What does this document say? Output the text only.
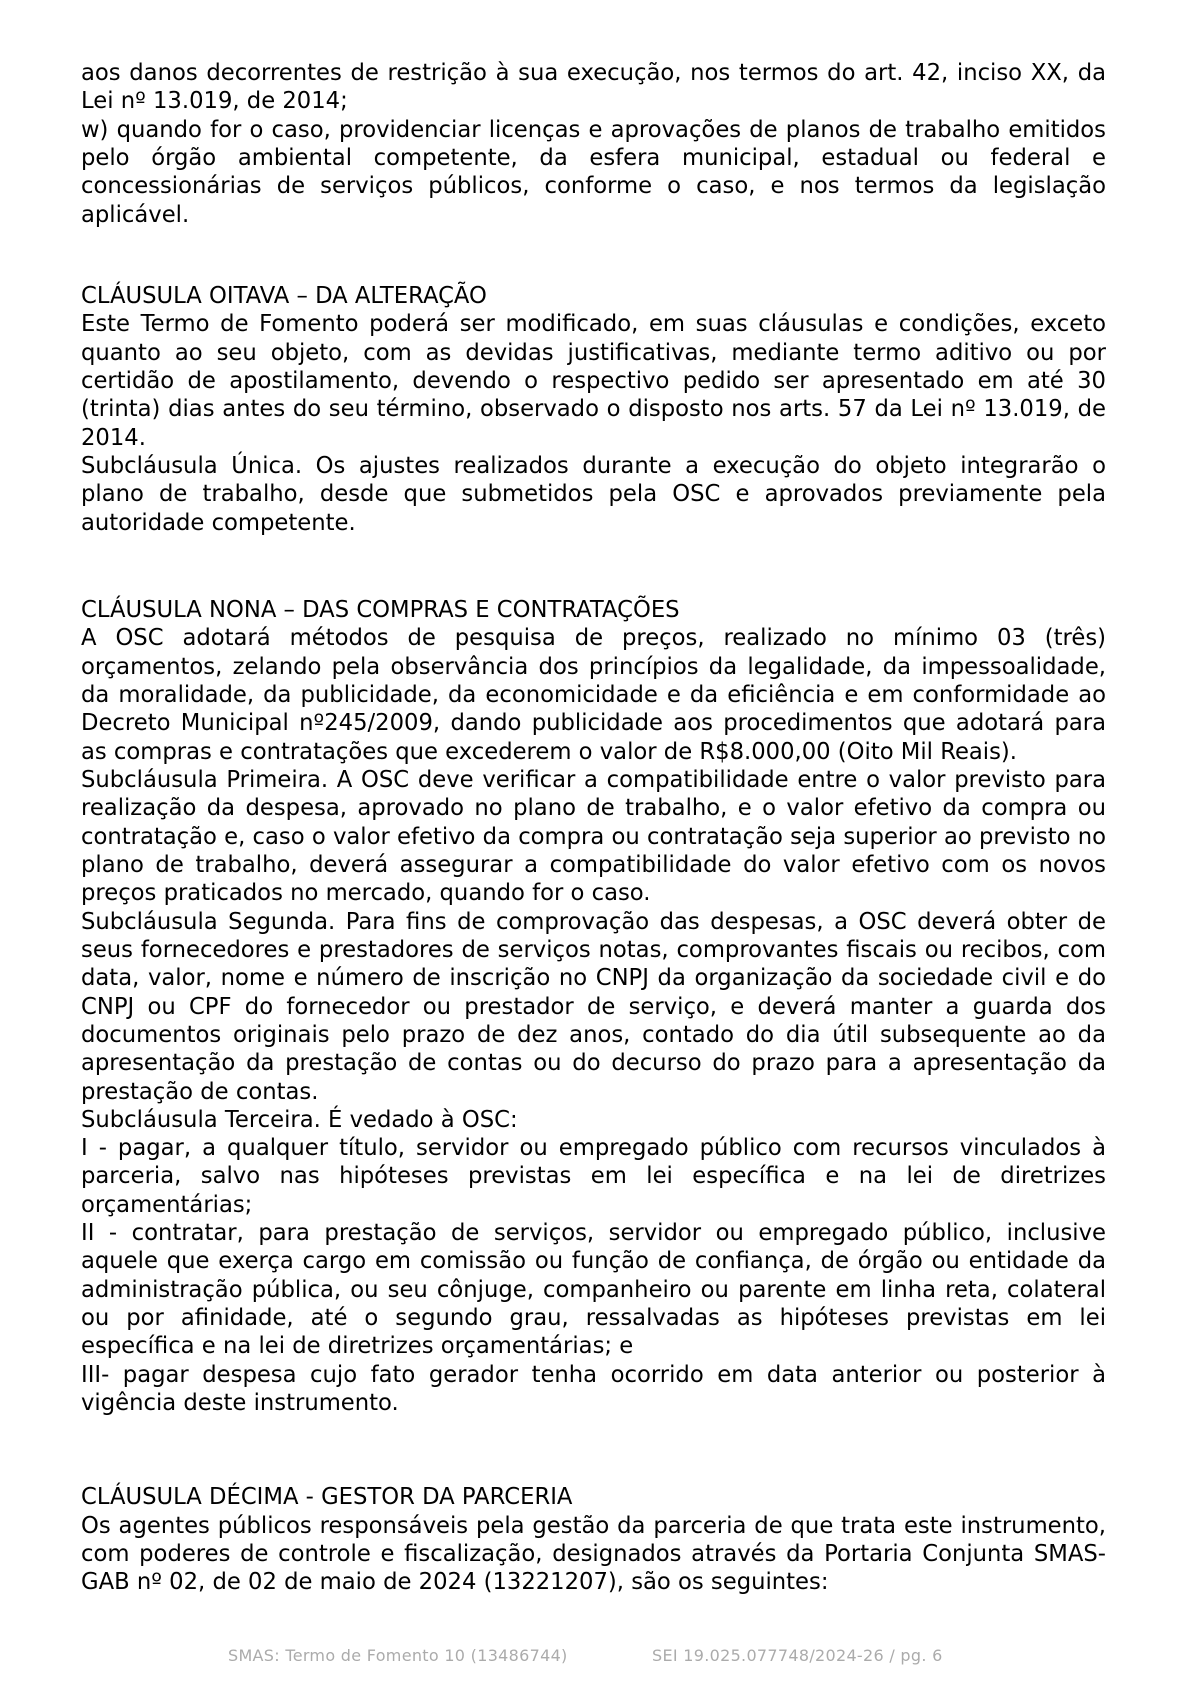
aos danos decorrentes de restrição à sua execução, nos termos do art. 42, inciso XX, da Lei nº 13.019, de 2014;

w) quando for o caso, providenciar licenças e aprovações de planos de trabalho emitidos pelo órgão ambiental competente, da esfera municipal, estadual ou federal e concessionárias de serviços públicos, conforme o caso, e nos termos da legislação aplicável.

CLÁUSULA OITAVA – DA ALTERAÇÃO

Este Termo de Fomento poderá ser modificado, em suas cláusulas e condições, exceto quanto ao seu objeto, com as devidas justificativas, mediante termo aditivo ou por certidão de apostilamento, devendo o respectivo pedido ser apresentado em até 30 (trinta) dias antes do seu término, observado o disposto nos arts. 57 da Lei nº 13.019, de 2014.

Subcláusula Única. Os ajustes realizados durante a execução do objeto integrarão o plano de trabalho, desde que submetidos pela OSC e aprovados previamente pela autoridade competente.

CLÁUSULA NONA – DAS COMPRAS E CONTRATAÇÕES

A OSC adotará métodos de pesquisa de preços, realizado no mínimo 03 (três) orçamentos, zelando pela observância dos princípios da legalidade, da impessoalidade, da moralidade, da publicidade, da economicidade e da eficiência e em conformidade ao Decreto Municipal nº245/2009, dando publicidade aos procedimentos que adotará para as compras e contratações que excederem o valor de R$8.000,00 (Oito Mil Reais).

Subcláusula Primeira. A OSC deve verificar a compatibilidade entre o valor previsto para realização da despesa, aprovado no plano de trabalho, e o valor efetivo da compra ou contratação e, caso o valor efetivo da compra ou contratação seja superior ao previsto no plano de trabalho, deverá assegurar a compatibilidade do valor efetivo com os novos preços praticados no mercado, quando for o caso.

Subcláusula Segunda. Para fins de comprovação das despesas, a OSC deverá obter de seus fornecedores e prestadores de serviços notas, comprovantes fiscais ou recibos, com data, valor, nome e número de inscrição no CNPJ da organização da sociedade civil e do CNPJ ou CPF do fornecedor ou prestador de serviço, e deverá manter a guarda dos documentos originais pelo prazo de dez anos, contado do dia útil subsequente ao da apresentação da prestação de contas ou do decurso do prazo para a apresentação da prestação de contas.

Subcláusula Terceira. É vedado à OSC:

I - pagar, a qualquer título, servidor ou empregado público com recursos vinculados à parceria, salvo nas hipóteses previstas em lei específica e na lei de diretrizes orçamentárias;

II - contratar, para prestação de serviços, servidor ou empregado público, inclusive aquele que exerça cargo em comissão ou função de confiança, de órgão ou entidade da administração pública, ou seu cônjuge, companheiro ou parente em linha reta, colateral ou por afinidade, até o segundo grau, ressalvadas as hipóteses previstas em lei específica e na lei de diretrizes orçamentárias; e

III- pagar despesa cujo fato gerador tenha ocorrido em data anterior ou posterior à vigência deste instrumento.

CLÁUSULA DÉCIMA - GESTOR DA PARCERIA

Os agentes públicos responsáveis pela gestão da parceria de que trata este instrumento, com poderes de controle e fiscalização, designados através da Portaria Conjunta SMAS-GAB nº 02, de 02 de maio de 2024 (13221207), são os seguintes:

SMAS: Termo de Fomento 10 (13486744)	SEI 19.025.077748/2024-26 / pg. 6
